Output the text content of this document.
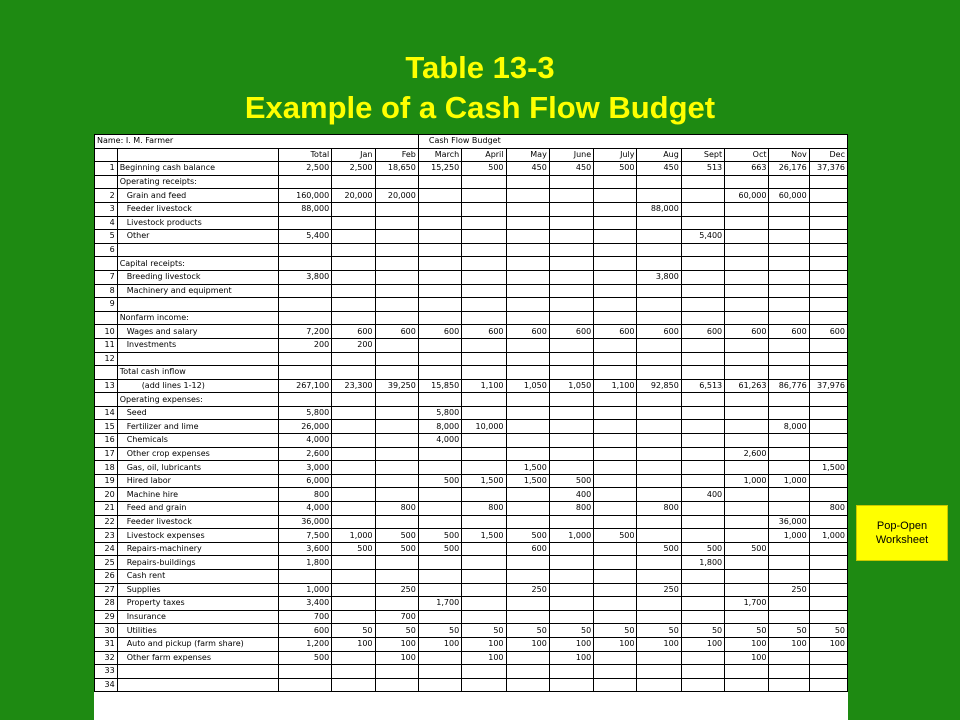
Table 13-3
Example of a Cash Flow Budget
Name: I. M. Farmer					Cash Flow Budget									
		Total	Jan	Feb	March	April	May	June	July	Aug	Sept	Oct	Nov	Dec
1	Beginning cash balance	2,500	2,500	18,650	15,250	500	450	450	500	450	513	663	26,176	37,376
	Operating receipts:													
2	Grain and feed	160,000	20,000	20,000								60,000	60,000	
3	Feeder livestock	88,000								88,000				
4	Livestock products													
5	Other	5,400									5,400			
6														
	Capital receipts:													
7	Breeding livestock	3,800								3,800				
8	Machinery and equipment													
9														
	Nonfarm income:													
10	Wages and salary	7,200	600	600	600	600	600	600	600	600	600	600	600	600
11	Investments	200	200											
12														
	Total cash inflow													
13	(add lines 1-12)	267,100	23,300	39,250	15,850	1,100	1,050	1,050	1,100	92,850	6,513	61,263	86,776	37,976
	Operating expenses:													
14	Seed	5,800			5,800									
15	Fertilizer and lime	26,000			8,000	10,000							8,000	
16	Chemicals	4,000			4,000									
17	Other crop expenses	2,600										2,600		
18	Gas, oil, lubricants	3,000					1,500							1,500
19	Hired labor	6,000			500	1,500	1,500	500				1,000	1,000	
20	Machine hire	800						400			400			
21	Feed and grain	4,000		800		800		800		800				800
22	Feeder livestock	36,000											36,000	
23	Livestock expenses	7,500	1,000	500	500	1,500	500	1,000	500				1,000	1,000
24	Repairs-machinery	3,600	500	500	500		600			500	500	500		
25	Repairs-buildings	1,800									1,800			
26	Cash rent													
27	Supplies	1,000		250			250			250			250	
28	Property taxes	3,400			1,700							1,700		
29	Insurance	700		700										
30	Utilities	600	50	50	50	50	50	50	50	50	50	50	50	50
31	Auto and pickup (farm share)	1,200	100	100	100	100	100	100	100	100	100	100	100	100
32	Other farm expenses	500		100		100		100				100		
33														
34														
Pop-Open Worksheet
